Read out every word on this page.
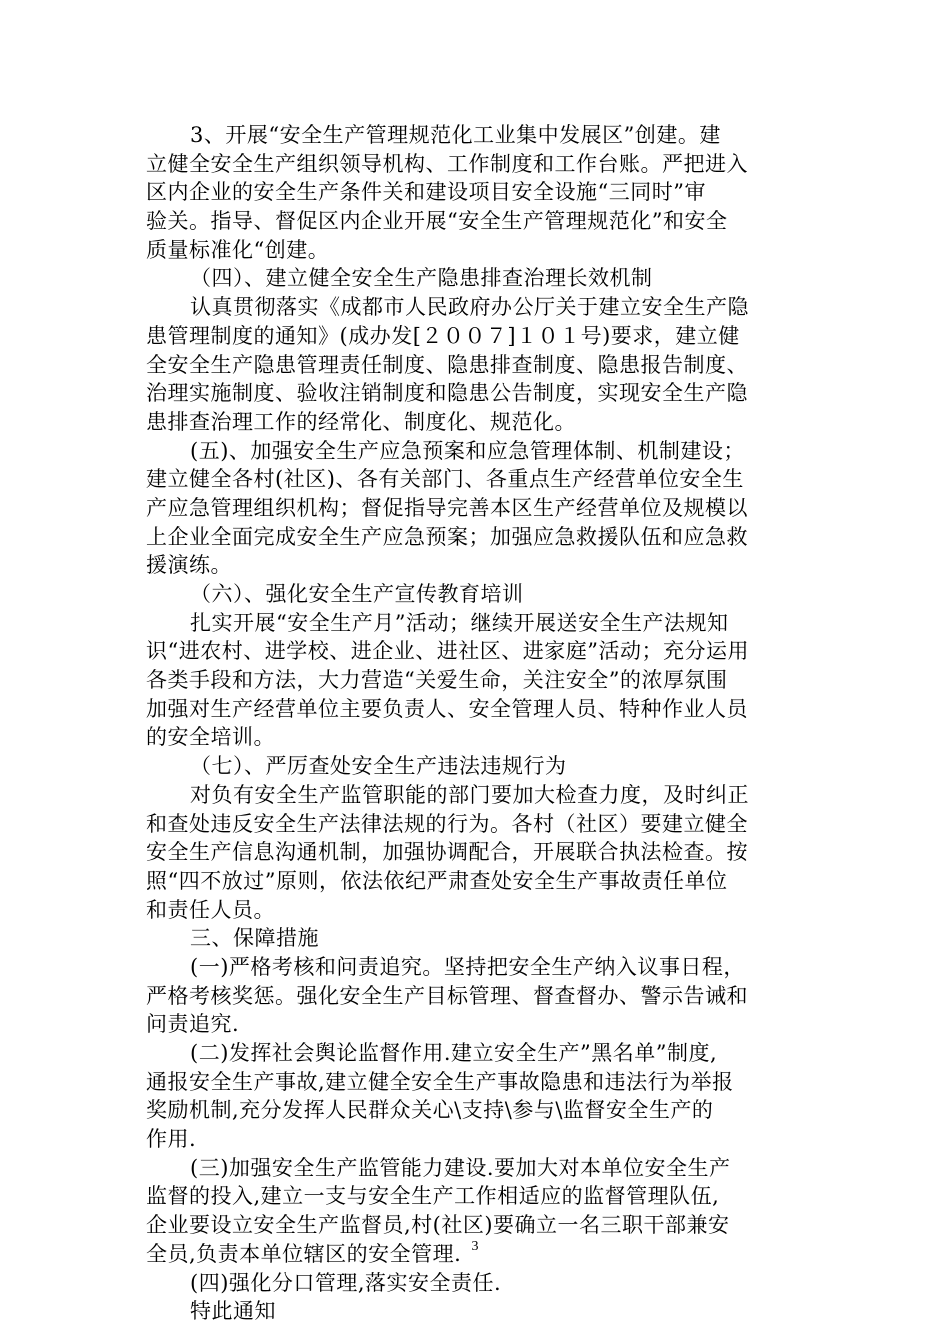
3、开展“安全生产管理规范化工业集中发展区”创建。建
立健全安全生产组织领导机构、工作制度和工作台账。严把进入
区内企业的安全生产条件关和建设项目安全设施“三同时”审
验关。指导、督促区内企业开展“安全生产管理规范化”和安全
质量标准化“创建。
（四）、建立健全安全生产隐患排查治理长效机制
认真贯彻落实《成都市人民政府办公厅关于建立安全生产隐
患管理制度的通知》(成办发[２００７]１０１号)要求，建立健
全安全生产隐患管理责任制度、隐患排查制度、隐患报告制度、
治理实施制度、验收注销制度和隐患公告制度，实现安全生产隐
患排查治理工作的经常化、制度化、规范化。
(五)、加强安全生产应急预案和应急管理体制、机制建设；
建立健全各村(社区)、各有关部门、各重点生产经营单位安全生
产应急管理组织机构；督促指导完善本区生产经营单位及规模以
上企业全面完成安全生产应急预案；加强应急救援队伍和应急救
援演练。
（六）、强化安全生产宣传教育培训
扎实开展“安全生产月”活动；继续开展送安全生产法规知
识“进农村、进学校、进企业、进社区、进家庭”活动；充分运用
各类手段和方法，大力营造“关爱生命，关注安全”的浓厚氛围
加强对生产经营单位主要负责人、安全管理人员、特种作业人员
的安全培训。
（七）、严厉查处安全生产违法违规行为
对负有安全生产监管职能的部门要加大检查力度，及时纠正
和查处违反安全生产法律法规的行为。各村（社区）要建立健全
安全生产信息沟通机制，加强协调配合，开展联合执法检查。按
照“四不放过”原则，依法依纪严肃查处安全生产事故责任单位
和责任人员。
三、保障措施
(一)严格考核和问责追究。坚持把安全生产纳入议事日程，
严格考核奖惩。强化安全生产目标管理、督查督办、警示告诫和
问责追究.
(二)发挥社会舆论监督作用.建立安全生产”黑名单”制度,
通报安全生产事故,建立健全安全生产事故隐患和违法行为举报
奖励机制,充分发挥人民群众关心\支持\参与\监督安全生产的
作用.
(三)加强安全生产监管能力建设.要加大对本单位安全生产
监督的投入,建立一支与安全生产工作相适应的监督管理队伍,
企业要设立安全生产监督员,村(社区)要确立一名三职干部兼安
全员,负责本单位辖区的安全管理.
(四)强化分口管理,落实安全责任.
特此通知
3
